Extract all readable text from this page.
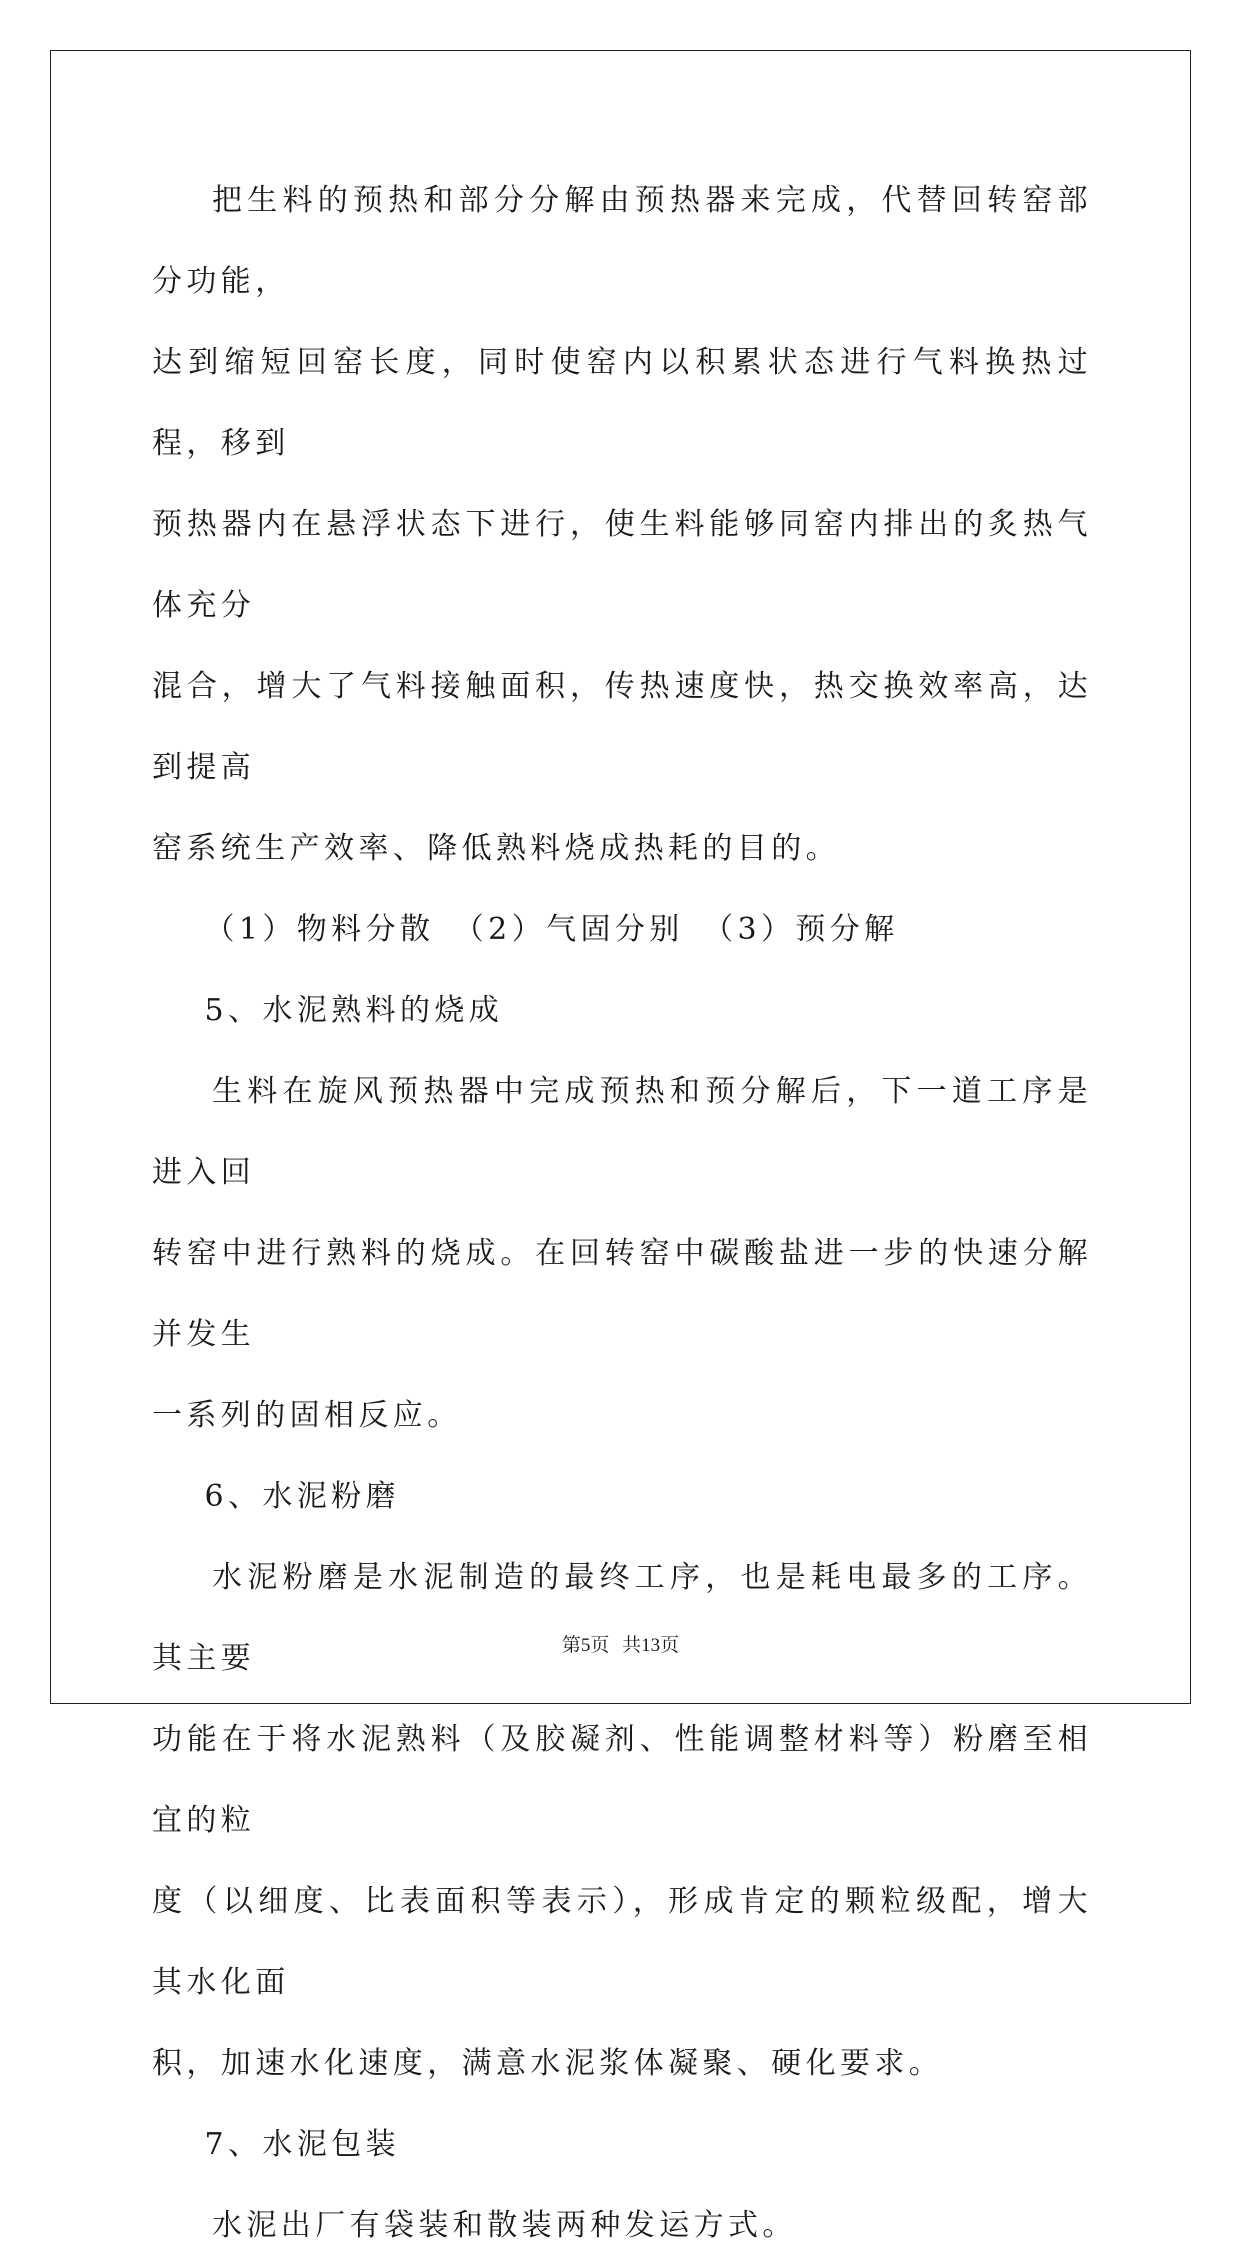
把生料的预热和部分分解由预热器来完成，代替回转窑部分功能，
达到缩短回窑长度，同时使窑内以积累状态进行气料换热过程，移到
预热器内在悬浮状态下进行，使生料能够同窑内排出的炙热气体充分
混合，增大了气料接触面积，传热速度快，热交换效率高，达到提高
窑系统生产效率、降低熟料烧成热耗的目的。
（1）物料分散　（2）气固分别　（3）预分解
5、水泥熟料的烧成
生料在旋风预热器中完成预热和预分解后，下一道工序是进入回
转窑中进行熟料的烧成。在回转窑中碳酸盐进一步的快速分解并发生
一系列的固相反应。
6、水泥粉磨
水泥粉磨是水泥制造的最终工序，也是耗电最多的工序。其主要
功能在于将水泥熟料（及胶凝剂、性能调整材料等）粉磨至相宜的粒
度（以细度、比表面积等表示），形成肯定的颗粒级配，增大其水化面
积，加速水化速度，满意水泥浆体凝聚、硬化要求。
7、水泥包装
水泥出厂有袋装和散装两种发运方式。
第5页 共13页
